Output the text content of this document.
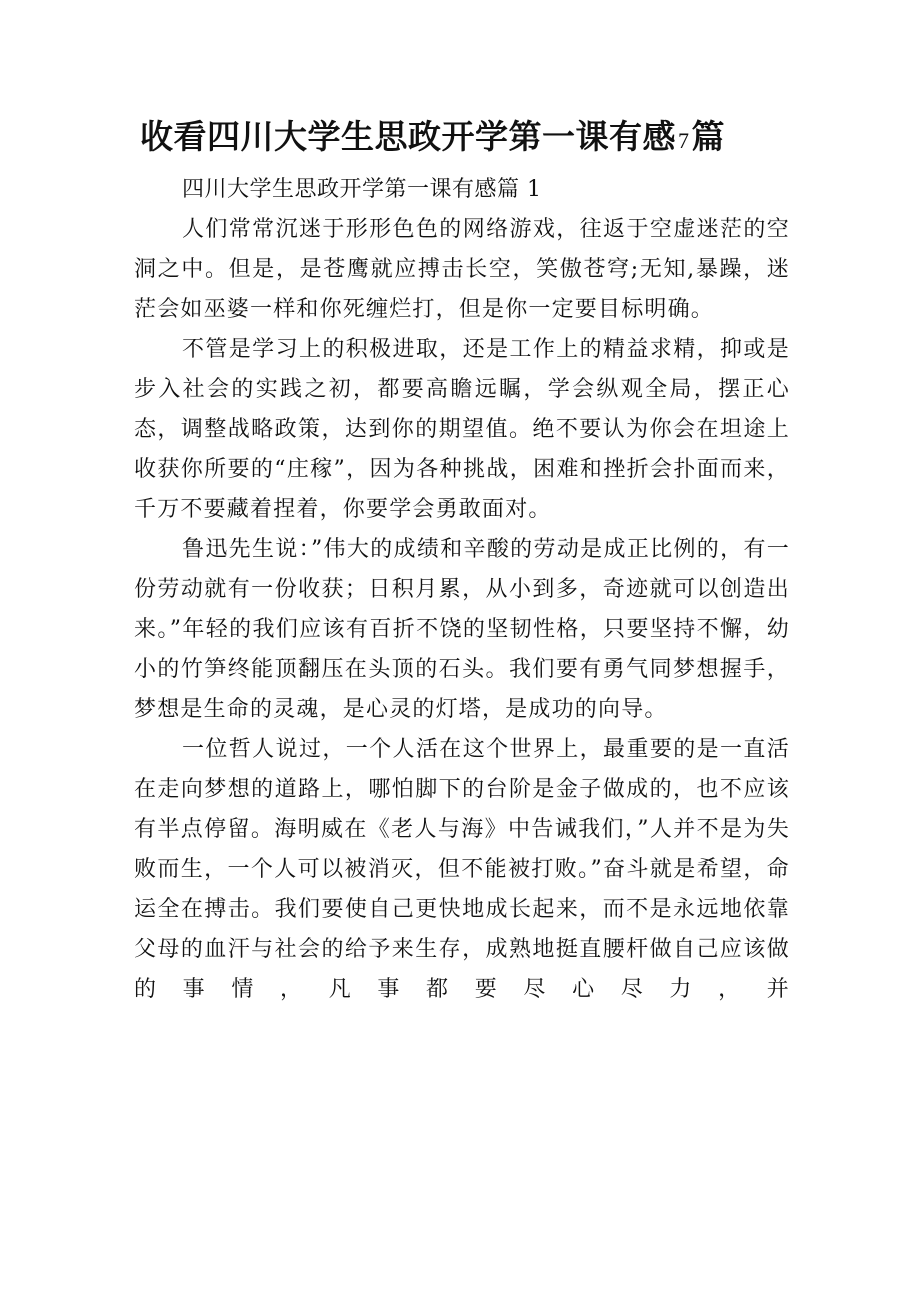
收看四川大学生思政开学第一课有感7篇

四川大学生思政开学第一课有感篇 1

人们常常沉迷于形形色色的网络游戏，往返于空虚迷茫的空洞之中。但是，是苍鹰就应搏击长空，笑傲苍穹;无知,暴躁，迷茫会如巫婆一样和你死缠烂打，但是你一定要目标明确。

不管是学习上的积极进取，还是工作上的精益求精，抑或是步入社会的实践之初，都要高瞻远瞩，学会纵观全局，摆正心态，调整战略政策，达到你的期望值。绝不要认为你会在坦途上收获你所要的“庄稼”，因为各种挑战，困难和挫折会扑面而来，千万不要藏着捏着，你要学会勇敢面对。

鲁迅先生说：”伟大的成绩和辛酸的劳动是成正比例的，有一份劳动就有一份收获；日积月累，从小到多，奇迹就可以创造出来。”年轻的我们应该有百折不饶的坚韧性格，只要坚持不懈，幼小的竹笋终能顶翻压在头顶的石头。我们要有勇气同梦想握手，梦想是生命的灵魂，是心灵的灯塔，是成功的向导。

一位哲人说过，一个人活在这个世界上，最重要的是一直活在走向梦想的道路上，哪怕脚下的台阶是金子做成的，也不应该有半点停留。海明威在《老人与海》中告诫我们，”人并不是为失败而生，一个人可以被消灭，但不能被打败。”奋斗就是希望，命运全在搏击。我们要使自己更快地成长起来，而不是永远地依靠父母的血汗与社会的给予来生存，成熟地挺直腰杆做自己应该做的事情，凡事都要尽心尽力，并
